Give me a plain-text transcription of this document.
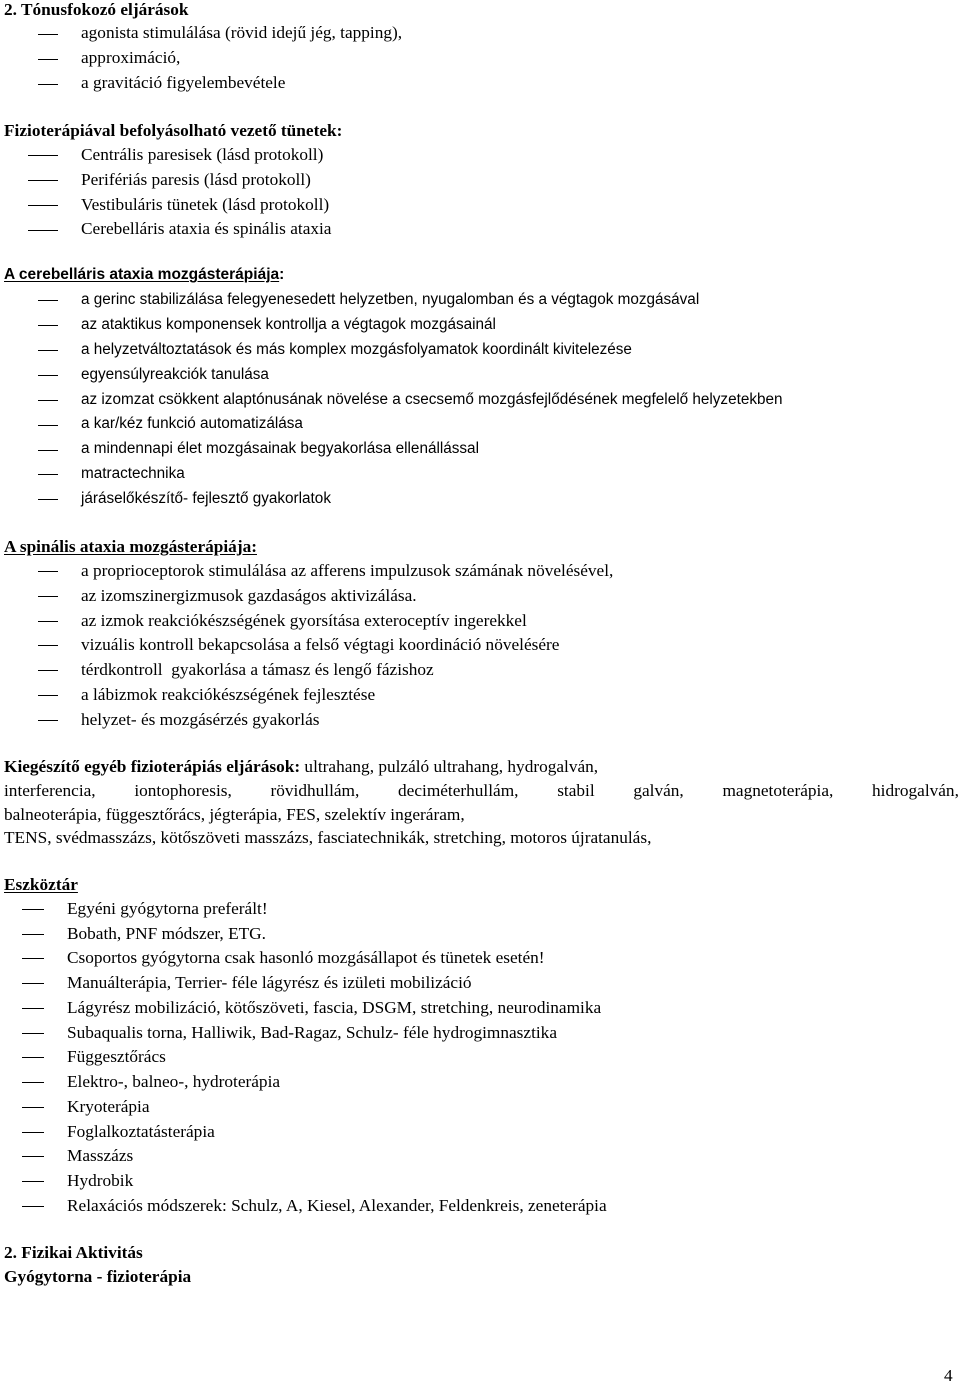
2. Tónusfokozó eljárások
agonista stimulálása (rövid idejű jég, tapping),
approximáció,
a gravitáció figyelembevétele
Fizioterápiával befolyásolható vezető tünetek:
Centrális paresisek (lásd protokoll)
Perifériás paresis (lásd protokoll)
Vestibuláris tünetek (lásd protokoll)
Cerebelláris ataxia és spinális ataxia
A cerebelláris ataxia mozgásterápiája:
a gerinc stabilizálása felegyenesedett helyzetben, nyugalomban és a végtagok mozgásával
az ataktikus komponensek kontrollja a végtagok mozgásainál
a helyzetváltoztatások és más komplex mozgásfolyamatok koordinált kivitelezése
egyensúlyreakciók tanulása
az izomzat csökkent alaptónusának növelése a csecsemő mozgásfejlődésének megfelelő helyzetekben
a kar/kéz funkció automatizálása
a mindennapi élet mozgásainak begyakorlása ellenállással
matractechnika
járáselőkészítő- fejlesztő gyakorlatok
A spinális ataxia mozgásterápiája:
a proprioceptorok stimulálása az afferens impulzusok számának növelésével,
az izomszinergizmusok gazdaságos aktivizálása.
az izmok reakciókészségének gyorsítása exteroceptív ingerekkel
vizuális kontroll bekapcsolása a felső végtagi koordináció növelésére
térdkontroll  gyakorlása a támasz és lengő fázishoz
a lábizmok reakciókészségének fejlesztése
helyzet- és mozgásérzés gyakorlás
Kiegészítő egyéb fizioterápiás eljárások: ultrahang, pulzáló ultrahang, hydrogalván,
interferencia, iontophoresis, rövidhullám, deciméterhullám, stabil galván, magnetoterápia, hidrogalván,
balneoterápia, függesztőrács, jégterápia, FES, szelektív ingeráram,
TENS, svédmasszázs, kötőszöveti masszázs, fasciatechnikák, stretching, motoros újratanulás,
Eszköztár
Egyéni gyógytorna preferált!
Bobath, PNF módszer, ETG.
Csoportos gyógytorna csak hasonló mozgásállapot és tünetek esetén!
Manuálterápia, Terrier- féle lágyrész és izületi mobilizáció
Lágyrész mobilizáció, kötőszöveti, fascia, DSGM, stretching, neurodinamika
Subaqualis torna, Halliwik, Bad-Ragaz, Schulz- féle hydrogimnasztika
Függesztőrács
Elektro-, balneo-, hydroterápia
Kryoterápia
Foglalkoztatásterápia
Masszázs
Hydrobik
Relaxációs módszerek: Schulz, A, Kiesel, Alexander, Feldenkreis, zeneterápia
2. Fizikai Aktivitás
Gyógytorna - fizioterápia
4
